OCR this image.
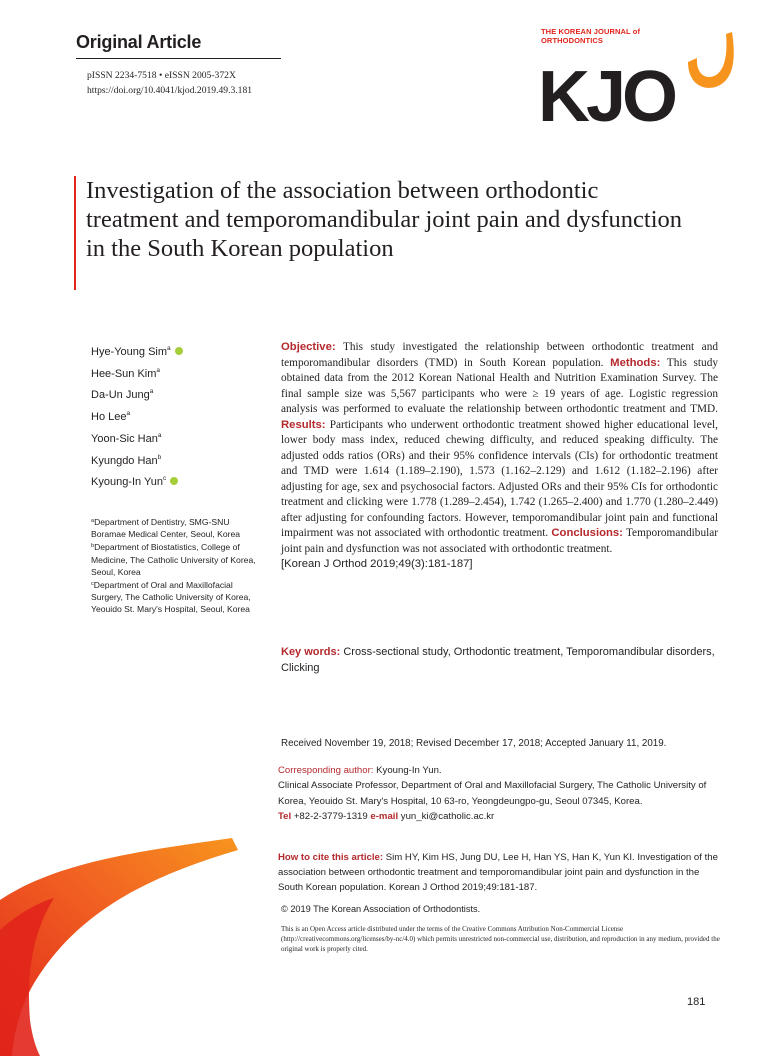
Original Article
pISSN 2234-7518 • eISSN 2005-372X
https://doi.org/10.4041/kjod.2019.49.3.181	KJO
THE KOREAN JOURNAL of
ORTHODONTICS
Investigation of the association between orthodontic treatment and temporomandibular joint pain and dysfunction in the South Korean population
Hye-Young Sim$^a$
Hee-Sun Kim$^a$
Da-Un Jung$^a$
Ho Lee$^a$
Yoon-Sic Han$^a$
Kyungdo Han$^b$
Kyoung-In Yun$^c$
$^a$Department of Dentistry, SMG-SNU Boramae Medical Center, Seoul, Korea
$^b$Department of Biostatistics, College of Medicine, The Catholic University of Korea, Seoul, Korea
$^c$Department of Oral and Maxillofacial Surgery, The Catholic University of Korea, Yeouido St. Mary's Hospital, Seoul, Korea
Objective: This study investigated the relationship between orthodontic treatment and temporomandibular disorders (TMD) in South Korean population. Methods: This study obtained data from the 2012 Korean National Health and Nutrition Examination Survey. The final sample size was 5,567 participants who were ≥ 19 years of age. Logistic regression analysis was performed to evaluate the relationship between orthodontic treatment and TMD. Results: Participants who underwent orthodontic treatment showed higher educational level, lower body mass index, reduced chewing difficulty, and reduced speaking difficulty. The adjusted odds ratios (ORs) and their 95% confidence intervals (CIs) for orthodontic treatment and TMD were 1.614 (1.189–2.190), 1.573 (1.162–2.129) and 1.612 (1.182–2.196) after adjusting for age, sex and psychosocial factors. Adjusted ORs and their 95% CIs for orthodontic treatment and clicking were 1.778 (1.289–2.454), 1.742 (1.265–2.400) and 1.770 (1.280–2.449) after adjusting for confounding factors. However, temporomandibular joint pain and functional impairment was not associated with orthodontic treatment. Conclusions: Temporomandibular joint pain and dysfunction was not associated with orthodontic treatment.
[Korean J Orthod 2019;49(3):181-187]
Key words: Cross-sectional study, Orthodontic treatment, Temporomandibular disorders, Clicking
Received November 19, 2018; Revised December 17, 2018; Accepted January 11, 2019.
Corresponding author: Kyoung-In Yun.
Clinical Associate Professor, Department of Oral and Maxillofacial Surgery, The Catholic University of Korea, Yeouido St. Mary's Hospital, 10 63-ro, Yeongdeungpo-gu, Seoul 07345, Korea.
Tel +82-2-3779-1319 e-mail yun_ki@catholic.ac.kr
How to cite this article: Sim HY, Kim HS, Jung DU, Lee H, Han YS, Han K, Yun KI. Investigation of the association between orthodontic treatment and temporomandibular joint pain and dysfunction in the South Korean population. Korean J Orthod 2019;49:181-187.
© 2019 The Korean Association of Orthodontists.
This is an Open Access article distributed under the terms of the Creative Commons Attribution Non-Commercial License (http://creativecommons.org/licenses/by-nc/4.0) which permits unrestricted non-commercial use, distribution, and reproduction in any medium, provided the original work is properly cited.
181
